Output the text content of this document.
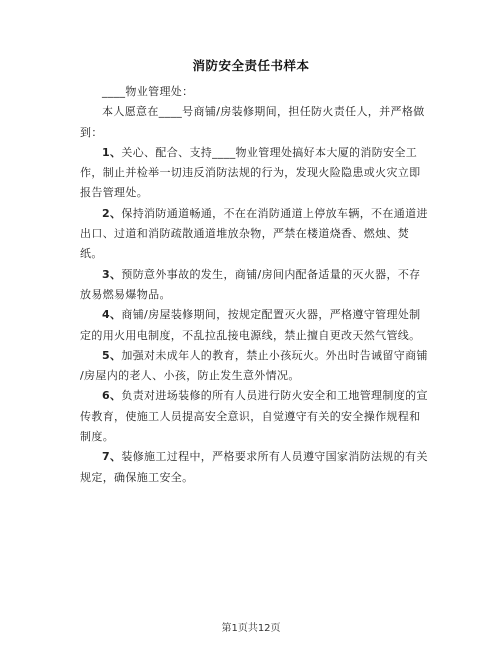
消防安全责任书样本
____物业管理处：
本人愿意在____号商铺/房装修期间，担任防火责任人，并严格做
到：
1、关心、配合、支持____物业管理处搞好本大厦的消防安全工
作，制止并检举一切违反消防法规的行为，发现火险隐患或火灾立即
报告管理处。
2、保持消防通道畅通，不在在消防通道上停放车辆，不在通道进
出口、过道和消防疏散通道堆放杂物，严禁在楼道烧香、燃烛、焚
纸。
3、预防意外事故的发生，商铺/房间内配备适量的灭火器，不存
放易燃易爆物品。
4、商铺/房屋装修期间，按规定配置灭火器，严格遵守管理处制
定的用火用电制度，不乱拉乱接电源线，禁止擅自更改天然气管线。
5、加强对未成年人的教育，禁止小孩玩火。外出时告诫留守商铺
/房屋内的老人、小孩，防止发生意外情况。
6、负责对进场装修的所有人员进行防火安全和工地管理制度的宣
传教育，使施工人员提高安全意识，自觉遵守有关的安全操作规程和
制度。
7、装修施工过程中，严格要求所有人员遵守国家消防法规的有关
规定，确保施工安全。
第1页共12页
